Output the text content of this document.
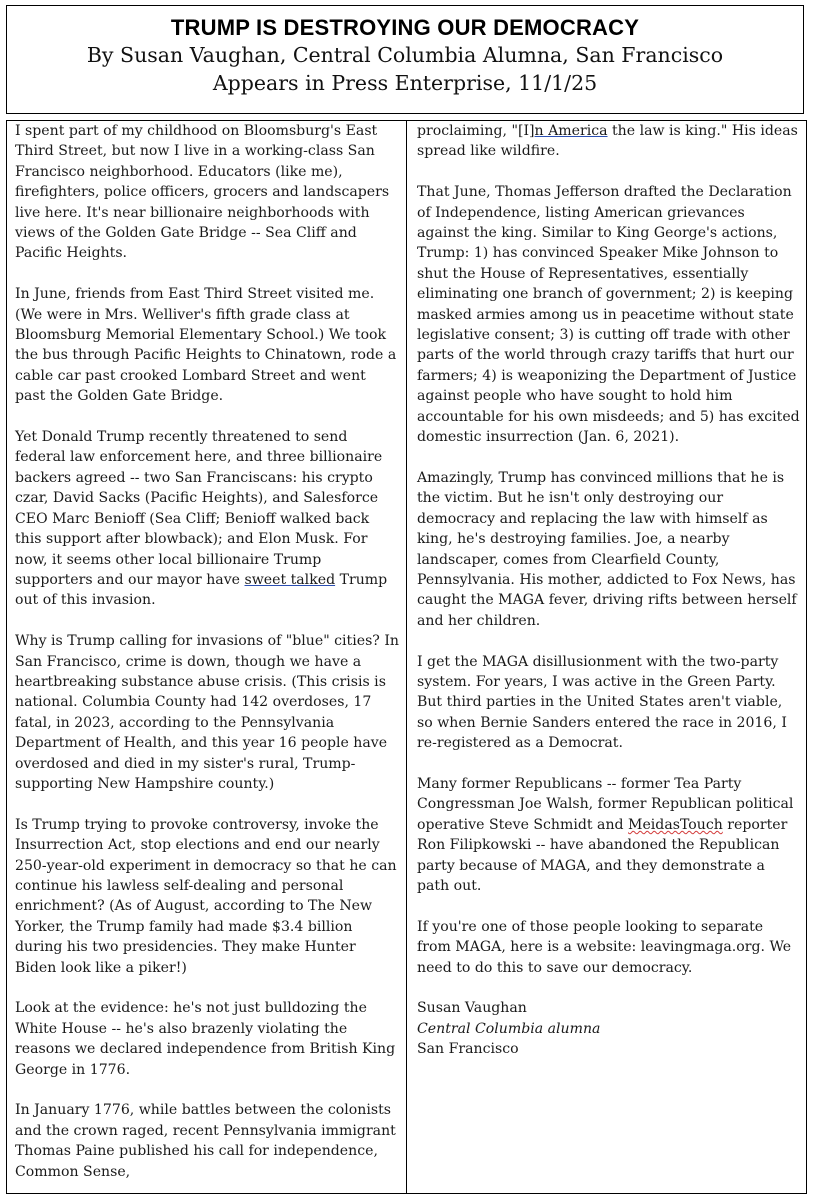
TRUMP IS DESTROYING OUR DEMOCRACY
By Susan Vaughan, Central Columbia Alumna, San Francisco
Appears in Press Enterprise, 11/1/25

I spent part of my childhood on Bloomsburg's East Third Street, but now I live in a working-class San Francisco neighborhood. Educators (like me), firefighters, police officers, grocers and landscapers live here. It's near billionaire neighborhoods with views of the Golden Gate Bridge -- Sea Cliff and Pacific Heights.

In June, friends from East Third Street visited me. (We were in Mrs. Welliver's fifth grade class at Bloomsburg Memorial Elementary School.) We took the bus through Pacific Heights to Chinatown, rode a cable car past crooked Lombard Street and went past the Golden Gate Bridge.

Yet Donald Trump recently threatened to send federal law enforcement here, and three billionaire backers agreed -- two San Franciscans: his crypto czar, David Sacks (Pacific Heights), and Salesforce CEO Marc Benioff (Sea Cliff; Benioff walked back this support after blowback); and Elon Musk. For now, it seems other local billionaire Trump supporters and our mayor have sweet talked Trump out of this invasion.

Why is Trump calling for invasions of "blue" cities? In San Francisco, crime is down, though we have a heartbreaking substance abuse crisis. (This crisis is national. Columbia County had 142 overdoses, 17 fatal, in 2023, according to the Pennsylvania Department of Health, and this year 16 people have overdosed and died in my sister's rural, Trump-supporting New Hampshire county.)

Is Trump trying to provoke controversy, invoke the Insurrection Act, stop elections and end our nearly 250-year-old experiment in democracy so that he can continue his lawless self-dealing and personal enrichment? (As of August, according to The New Yorker, the Trump family had made $3.4 billion during his two presidencies. They make Hunter Biden look like a piker!)

Look at the evidence: he's not just bulldozing the White House -- he's also brazenly violating the reasons we declared independence from British King George in 1776.

In January 1776, while battles between the colonists and the crown raged, recent Pennsylvania immigrant Thomas Paine published his call for independence, Common Sense,

proclaiming, "[I]n America the law is king." His ideas spread like wildfire.

That June, Thomas Jefferson drafted the Declaration of Independence, listing American grievances against the king. Similar to King George's actions, Trump: 1) has convinced Speaker Mike Johnson to shut the House of Representatives, essentially eliminating one branch of government; 2) is keeping masked armies among us in peacetime without state legislative consent; 3) is cutting off trade with other parts of the world through crazy tariffs that hurt our farmers; 4) is weaponizing the Department of Justice against people who have sought to hold him accountable for his own misdeeds; and 5) has excited domestic insurrection (Jan. 6, 2021).

Amazingly, Trump has convinced millions that he is the victim. But he isn't only destroying our democracy and replacing the law with himself as king, he's destroying families. Joe, a nearby landscaper, comes from Clearfield County, Pennsylvania. His mother, addicted to Fox News, has caught the MAGA fever, driving rifts between herself and her children.

I get the MAGA disillusionment with the two-party system. For years, I was active in the Green Party. But third parties in the United States aren't viable, so when Bernie Sanders entered the race in 2016, I re-registered as a Democrat.

Many former Republicans -- former Tea Party Congressman Joe Walsh, former Republican political operative Steve Schmidt and MeidasTouch reporter Ron Filipkowski -- have abandoned the Republican party because of MAGA, and they demonstrate a path out.

If you're one of those people looking to separate from MAGA, here is a website: leavingmaga.org. We need to do this to save our democracy.

Susan Vaughan

Central Columbia alumna

San Francisco
